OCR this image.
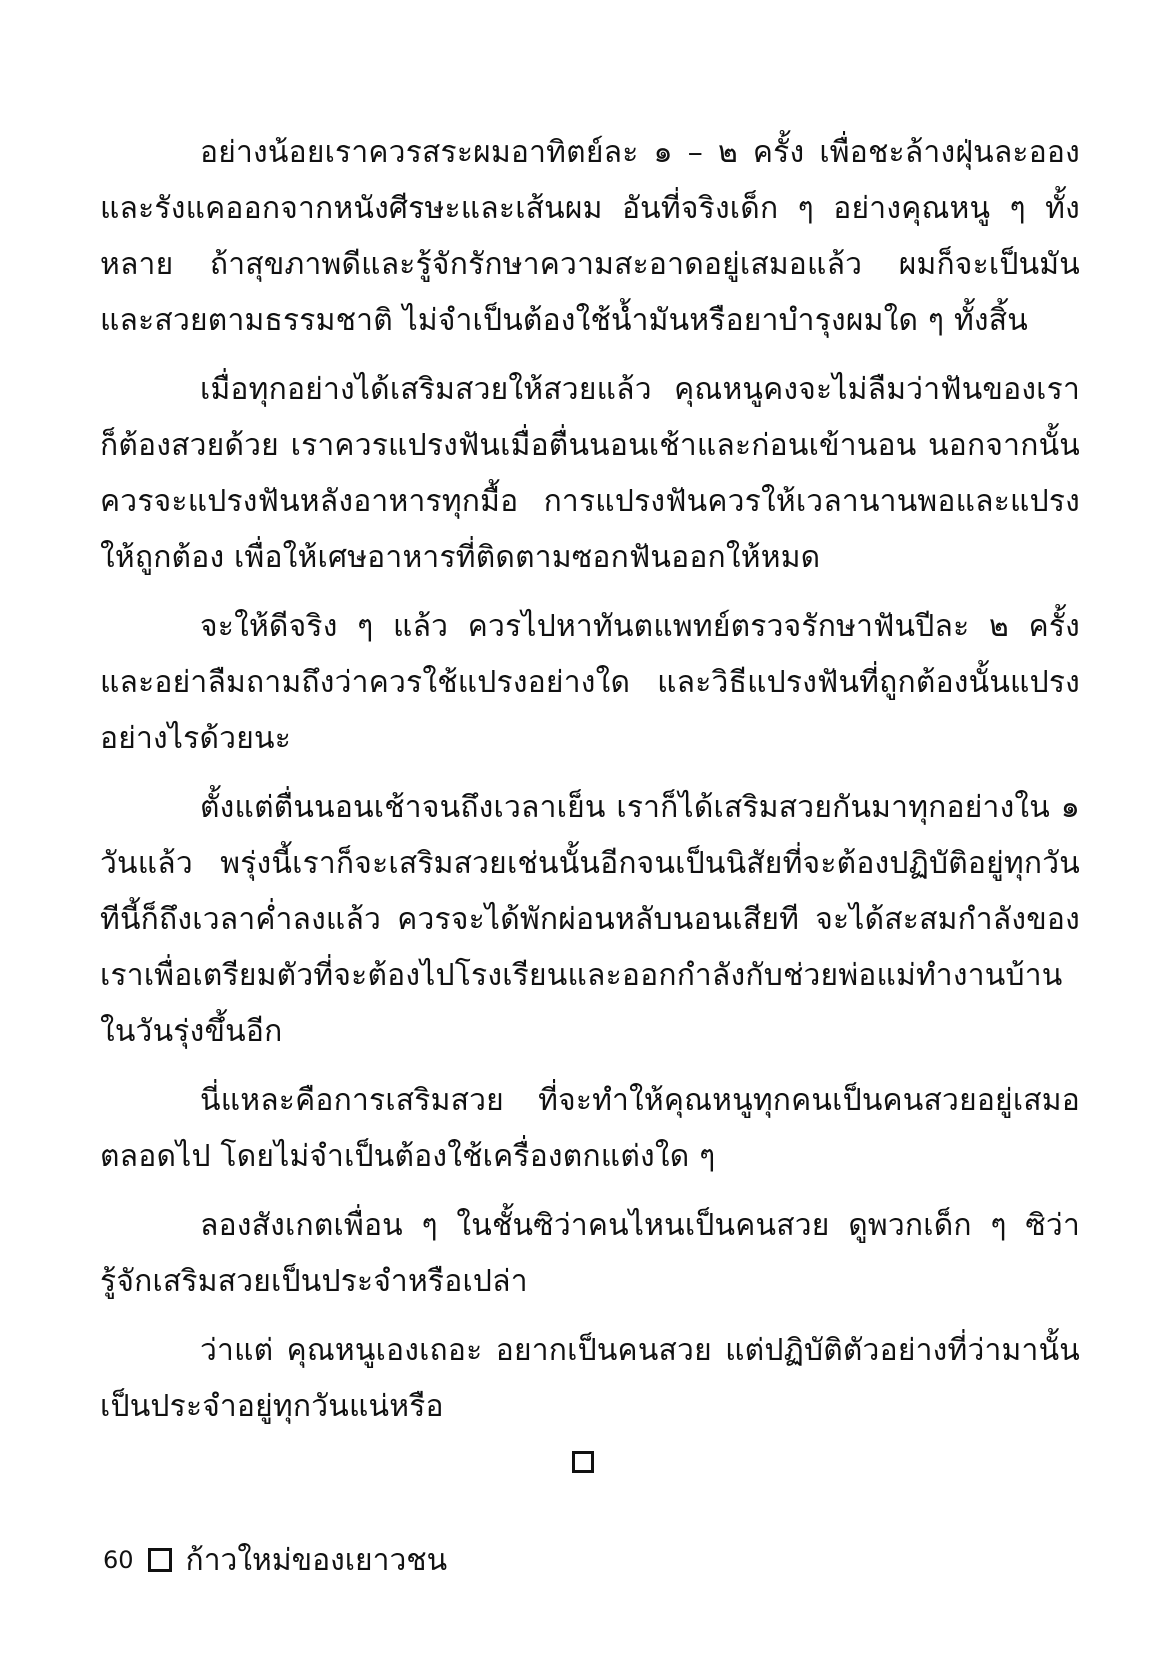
อย่างน้อยเราควรสระผมอาทิตย์ละ ๑ – ๒ ครั้ง เพื่อชะล้างฝุ่นละออง และรังแคออกจากหนังศีรษะและเส้นผม อันที่จริงเด็ก ๆ อย่างคุณหนู ๆ ทั้งหลาย ถ้าสุขภาพดีและรู้จักรักษาความสะอาดอยู่เสมอแล้ว ผมก็จะเป็นมัน และสวยตามธรรมชาติ ไม่จำเป็นต้องใช้น้ำมันหรือยาบำรุงผมใด ๆ ทั้งสิ้น

เมื่อทุกอย่างได้เสริมสวยให้สวยแล้ว คุณหนูคงจะไม่ลืมว่าฟันของเราก็ต้องสวยด้วย เราควรแปรงฟันเมื่อตื่นนอนเช้าและก่อนเข้านอน นอกจากนั้นควรจะแปรงฟันหลังอาหารทุกมื้อ การแปรงฟันควรให้เวลานานพอและแปรงให้ถูกต้อง เพื่อให้เศษอาหารที่ติดตามซอกฟันออกให้หมด

จะให้ดีจริง ๆ แล้ว ควรไปหาทันตแพทย์ตรวจรักษาฟันปีละ ๒ ครั้ง และอย่าลืมถามถึงว่าควรใช้แปรงอย่างใด และวิธีแปรงฟันที่ถูกต้องนั้นแปรงอย่างไรด้วยนะ

ตั้งแต่ตื่นนอนเช้าจนถึงเวลาเย็น เราก็ได้เสริมสวยกันมาทุกอย่างใน ๑ วันแล้ว พรุ่งนี้เราก็จะเสริมสวยเช่นนั้นอีกจนเป็นนิสัยที่จะต้องปฏิบัติอยู่ทุกวัน ทีนี้ก็ถึงเวลาค่ำลงแล้ว ควรจะได้พักผ่อนหลับนอนเสียที จะได้สะสมกำลังของเราเพื่อเตรียมตัวที่จะต้องไปโรงเรียนและออกกำลังกับช่วยพ่อแม่ทำงานบ้านในวันรุ่งขึ้นอีก

นี่แหละคือการเสริมสวย ที่จะทำให้คุณหนูทุกคนเป็นคนสวยอยู่เสมอตลอดไป โดยไม่จำเป็นต้องใช้เครื่องตกแต่งใด ๆ

ลองสังเกตเพื่อน ๆ ในชั้นซิว่าคนไหนเป็นคนสวย ดูพวกเด็ก ๆ ซิว่ารู้จักเสริมสวยเป็นประจำหรือเปล่า

ว่าแต่ คุณหนูเองเถอะ อยากเป็นคนสวย แต่ปฏิบัติตัวอย่างที่ว่ามานั้นเป็นประจำอยู่ทุกวันแน่หรือ

60 ก้าวใหม่ของเยาวชน
